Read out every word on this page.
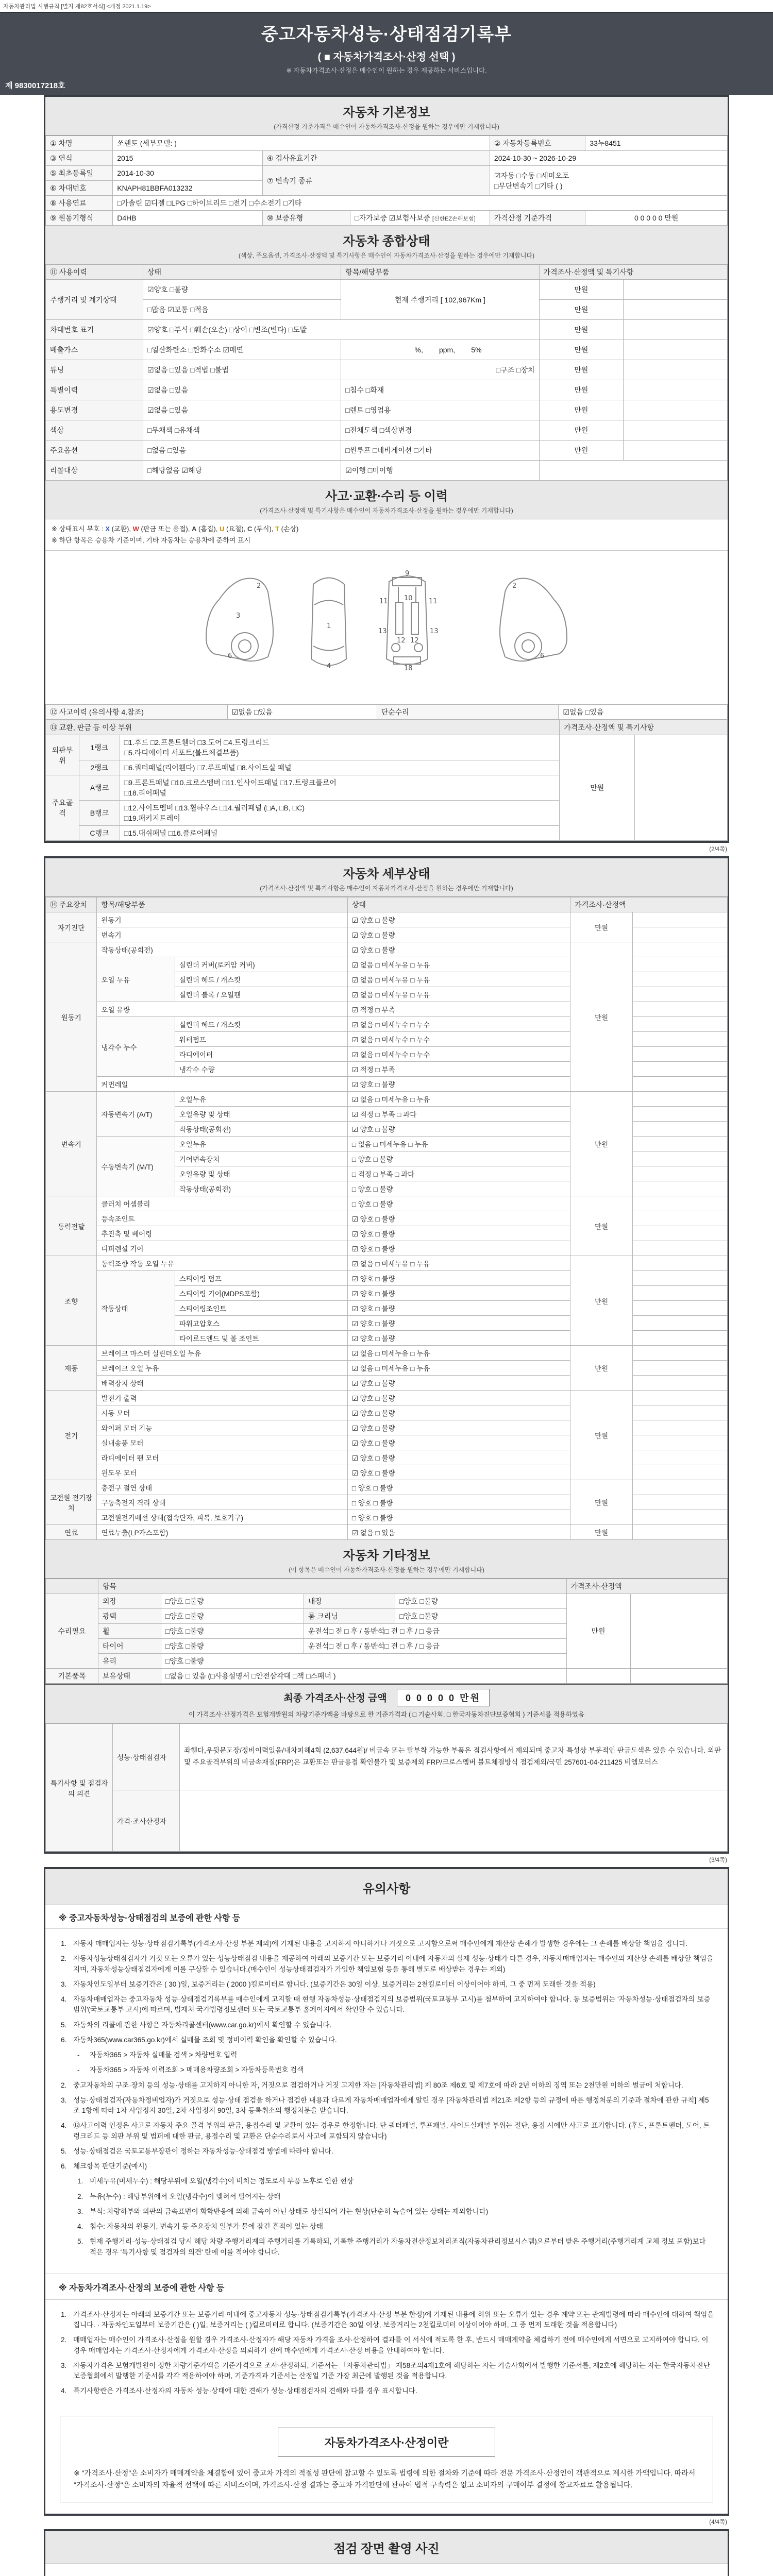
자동차관리법 시행규칙 [별지 제82호서식] <개정 2021.1.19>
중고자동차성능·상태점검기록부
( ■ 자동차가격조사·산정 선택 )
※ 자동차가격조사·산정은 매수인이 원하는 경우 제공하는 서비스입니다.
제 9830017218호
자동차 기본정보
(가격산정 기준가격은 매수인이 자동차가격조사·산정을 원하는 경우에만 기재합니다)
① 차명	쏘렌토 (세부모델: )			② 자동차등록번호	33누8451
③ 연식	2015	④ 검사유효기간		2024-10-30 ~ 2026-10-29	
⑤ 최초등록일	2014-10-30	⑦ 변속기 종류		☑자동 □수동 □세미오토
□무단변속기 □기타 ( )	

⑥ 차대번호	KNAPH81BBFA013232				
⑧ 사용연료	□가솔린 ☑디젤 □LPG □하이브리드 □전기 □수소전기 □기타				
⑨ 원동기형식	D4HB	⑩ 보증유형	□자가보증 ☑보험사보증 [신한EZ손해보험]	가격산정 기준가격	0 0 0 0 0 만원
자동차 종합상태
(색상, 주요옵션, 가격조사·산정액 및 특기사항은 매수인이 자동차가격조사·산정을 원하는 경우에만 기재합니다)
⑪ 사용이력	상태	항목/해당부품	가격조사·산정액 및 특기사항	
주행거리 및 계기상태	☑양호 □불량	현재 주행거리 [ 102,967Km ]	만원	
	□많음 ☑보통 □적음		만원	
차대번호 표기	☑양호 □부식 □훼손(오손) □상이 □변조(변타) □도말		만원	
배출가스	□일산화탄소 □탄화수소 ☑매연	%,        ppm,        5%	만원	
튜닝	☑없음 □있음 □적법 □불법	□구조 □장치	만원	
특별이력	☑없음 □있음	□침수 □화재	만원	
용도변경	☑없음 □있음	□렌트 □영업용	만원	
색상	□무채색 □유채색	□전체도색 □색상변경	만원	
주요옵션	□없음 □있음	□썬루프 □네비게이션 □기타	만원	
리콜대상	□해당없음 ☑해당	☑이행 □미이행		
사고·교환·수리 등 이력
(가격조사·산정액 및 특기사항은 매수인이 자동차가격조사·산정을 원하는 경우에만 기재합니다)
※ 상태표시 부호 : X (교환), W (판금 또는 용접), A (흠집), U (요철), C (부식), T (손상)
※ 하단 항목은 승용차 기준이며, 기타 자동차는 승용차에 준하여 표시
2
3
6
1
4
11	11
13	13
12 12
9
18
10
2
6
⑫ 사고이력 (유의사항 4.참조)	☑없음 □있음	단순수리	☑없음 □있음
⑬ 교환, 판금 등 이상 부위			가격조사·산정액 및 특기사항	
외판부위	1랭크	□1.후드 □2.프론트휀더 □3.도어 □4.트렁크리드
□5.라디에이터 서포트(볼트체결부품)	만원	
	2랭크	□6.쿼터패널(리어휀다) □7.루프패널 □8.사이드실 패널		
주요골격	A랭크	□9.프론트패널 □10.크로스멤버 □11.인사이드패널 □17.트렁크플로어
□18.리어패널		

	B랭크	□12.사이드멤버 □13.휠하우스 □14.필러패널 (□A, □B, □C)
□19.패키지트레이		

	C랭크	□15.대쉬패널 □16.플로어패널		
(2/4쪽)
자동차 세부상태
(가격조사·산정액 및 특기사항은 매수인이 자동차가격조사·산정을 원하는 경우에만 기재합니다)
⑭ 주요장치	항목/해당부품		상태	가격조사·산정액	
자기진단	원동기		☑ 양호 □ 불량	만원	
	변속기		☑ 양호 □ 불량		
원동기	작동상태(공회전)		☑ 양호 □ 불량	만원	
	오일 누유	실린더 커버(로커암 커버)	☑ 없음 □ 미세누유 □ 누유		
		실린더 헤드 / 개스킷	☑ 없음 □ 미세누유 □ 누유		
		실린더 블록 / 오일팬	☑ 없음 □ 미세누유 □ 누유		
	오일 유량		☑ 적정 □ 부족		
	냉각수 누수	실린더 헤드 / 개스킷	☑ 없음 □ 미세누수 □ 누수		
		워터펌프	☑ 없음 □ 미세누수 □ 누수		
		라디에이터	☑ 없음 □ 미세누수 □ 누수		
		냉각수 수량	☑ 적정 □ 부족		
	커먼레일		☑ 양호 □ 불량		
변속기	자동변속기 (A/T)	오일누유	☑ 없음 □ 미세누유 □ 누유	만원	
		오일유량 및 상태	☑ 적정 □ 부족 □ 과다		
		작동상태(공회전)	☑ 양호 □ 불량		
	수동변속기 (M/T)	오일누유	□ 없음 □ 미세누유 □ 누유		
		기어변속장치	□ 양호 □ 불량		
		오일유량 및 상태	□ 적정 □ 부족 □ 과다		
		작동상태(공회전)	□ 양호 □ 불량		
동력전달	클러치 어셈블리		□ 양호 □ 불량	만원	
	등속조인트		☑ 양호 □ 불량		
	추진축 및 베어링		☑ 양호 □ 불량		
	디퍼렌셜 기어		☑ 양호 □ 불량		
조향	동력조향 작동 오일 누유		☑ 없음 □ 미세누유 □ 누유	만원	
	작동상태	스티어링 펌프	☑ 양호 □ 불량		
		스티어링 기어(MDPS포함)	☑ 양호 □ 불량		
		스티어링조인트	☑ 양호 □ 불량		
		파워고압호스	☑ 양호 □ 불량		
		타이로드엔드 및 볼 조인트	☑ 양호 □ 불량		
제동	브레이크 마스터 실린더오일 누유		☑ 없음 □ 미세누유 □ 누유	만원	
	브레이크 오일 누유		☑ 없음 □ 미세누유 □ 누유		
	배력장치 상태		☑ 양호 □ 불량		
전기	발전기 출력		☑ 양호 □ 불량	만원	
	시동 모터		☑ 양호 □ 불량		
	와이퍼 모터 기능		☑ 양호 □ 불량		
	실내송풍 모터		☑ 양호 □ 불량		
	라디에이터 팬 모터		☑ 양호 □ 불량		
	윈도우 모터		☑ 양호 □ 불량		
고전원 전기장치	충전구 절연 상태		□ 양호 □ 불량	만원	
	구동축전지 격리 상태		□ 양호 □ 불량		
	고전원전기배선 상태(접속단자, 피복, 보호기구)		□ 양호 □ 불량		
연료	연료누출(LP가스포함)		☑ 없음 □ 있음	만원	
자동차 기타정보
(이 항목은 매수인이 자동차가격조사·산정을 원하는 경우에만 기재합니다)
	항목				가격조사·산정액	
수리필요	외장	□양호 □불량	내장	□양호 □불량	만원	
	광택	□양호 □불량	룸 크리닝	□양호 □불량		
	휠	□양호 □불량	운전석□ 전 □ 후 / 동반석□ 전 □ 후 / □ 응급			
	타이어	□양호 □불량	운전석□ 전 □ 후 / 동반석□ 전 □ 후 / □ 응급			
	유리	□양호 □불량				
기본품목	보유상태	□없음 □ 있음 (□사용설명서 □안전삼각대 □잭 □스패너 )				
최종 가격조사·산정 금액 0 0 0 0 0 만원
이 가격조사·산정가격은 보험개발원의 차량기준가액을 바탕으로 한 기준가격과 ( □ 기술사회, □ 한국자동차진단보증협회 ) 기준서를 적용하였음
특기사항 및 점검자의 의견	성능·상태점검자	좌휀다,우뒷문도장/정비이력있음/내차피해4회 (2,637,644원)/ 비금속 또는 탈부착 가능한 부품은 점검사항에서 제외되며 중고차 특성상 부분적인 판금도색은 있을 수 있습니다. 외판 및 주요골격부위의 비금속재질(FRP)은 교환또는 판금용접 확인불가 및 보증제외 FRP/크로스멤버 볼트체결방식 점검제외/국민 257601-04-211425 비엠모터스
	가격·조사산정자	
(3/4쪽)
유의사항
※ 중고자동차성능·상태점검의 보증에 관한 사항 등
1. 자동차 매매업자는 성능·상태점검기록부(가격조사·산정 부분 제외)에 기재된 내용을 고지하지 아니하거나 거짓으로 고지함으로써 매수인에게 재산상 손해가 발생한 경우에는 그 손해를 배상할 책임을 집니다.
2. 자동차성능상태점검자가 거짓 또는 오류가 있는 성능상태점검 내용을 제공하여 아래의 보증기간 또는 보증거리 이내에 자동차의 실제 성능·상태가 다른 경우, 자동차매매업자는 매수인의 재산상 손해를 배상할 책임을 지며, 자동차성능상태점검자에게 이를 구상할 수 있습니다.(매수인이 성능상태점검자가 가입한 책임보험 등을 통해 별도로 배상받는 경우는 제외)
3. 자동차인도일부터 보증기간은 ( 30 )일, 보증거리는 ( 2000 )킬로미터로 합니다. (보증기간은 30일 이상, 보증거리는 2천킬로미터 이상이어야 하며, 그 중 먼저 도래한 것을 적용)
4. 자동차매매업자는 중고자동차 성능·상태점검기록부를 매수인에게 고지할 때 현행 자동차성능·상태점검지의 보증범위(국토교통부 고시)를 첨부하여 고지하여야 합니다. 동 보증범위는 '자동차성능·상태점검자의 보증범위'(국토교통부 고시)에 따르며, 법제처 국가법령정보센터 또는 국토교통부 홈페이지에서 확인할 수 있습니다.
5. 자동차의 리콜에 관한 사항은 자동차리콜센터(www.car.go.kr)에서 확인할 수 있습니다.
6. 자동차365(www.car365.go.kr)에서 실매물 조회 및 정비이력 확인을 확인할 수 있습니다.
-	자동차365 > 자동차 실매물 검색 > 차량번호 입력
-	자동차365 > 자동차 이력조회 > 매매용차량조회 > 자동차등록번호 검색
2. 중고자동차의 구조·장치 등의 성능·상태를 고지하지 아니한 자, 거짓으로 점검하거나 거짓 고지한 자는 [자동차관리법] 제 80조 제6호 및 제7호에 따라 2년 이하의 징역 또는 2천만원 이하의 벌금에 처합니다.
3. 성능·상태점검자(자동차정비업자)가 거짓으로 성능·상태 점검을 하거나 점검한 내용과 다르게 자동차매매업자에게 알린 경우 [자동차관리법 제21조 제2항 등의 규정에 따른 행정처분의 기준과 절차에 관한 규칙] 제5조 1항에 따라 1차 사업정지 30일, 2차 사업정지 90일, 3차 등록취소의 행정처분을 받습니다.
4. ⑫사고이력 인정은 사고로 자동차 주요 골격 부위의 판금, 용접수리 및 교환이 있는 경우로 한정합니다. 단 쿼터패널, 루프패널, 사이드실패널 부위는 절단, 용접 시에만 사고로 표기합니다. (후드, 프론트펜더, 도어, 트렁크리드 등 외판 부위 및 범퍼에 대한 판금, 용접수리 및 교환은 단순수리로서 사고에 포함되지 않습니다)
5. 성능·상태점검은 국토교통부장관이 정하는 자동차성능·상태점검 방법에 따라야 합니다.
6. 체크항목 판단기준(예시)
1. 미세누유(미세누수) : 해당부위에 오일(냉각수)이 비치는 정도로서 부품 노후로 인한 현상
2. 누유(누수) : 해당부위에서 오일(냉각수)이 맺혀서 떨어지는 상태
3. 부식: 차량하부와 외판의 금속표면이 화학반응에 의해 금속이 아닌 상태로 상실되어 가는 현상(단순히 녹슬어 있는 상태는 제외합니다)
4. 침수: 자동차의 원동기, 변속기 등 주요장치 일부가 물에 잠긴 흔적이 있는 상태
5. 현재 주행거리·성능·상태점검 당시 해당 차량 주행거리계의 주행거리를 기록하되, 기록한 주행거리가 자동차전산정보처리조직(자동차관리정보시스템)으로부터 받은 주행거리(주행거리계 교체 정보 포함)보다 적은 경우 '특기사항 및 점검자의 의견' 란에 이를 적어야 합니다.
※ 자동차가격조사·산정의 보증에 관한 사항 등
1. 가격조사·산정자는 아래의 보증기간 또는 보증거리 이내에 중고자동차 성능·상태점검기록부(가격조사·산정 부분 한정)에 기재된 내용에 허위 또는 오류가 있는 경우 계약 또는 관계법령에 따라 매수인에 대하여 책임을 집니다. · 자동차인도일부터 보증기간은 ( )일, 보증거리는 ( )킬로미터로 합니다. (보증기간은 30일 이상, 보증거리는 2천킬로미터 이상이어야 하며, 그 중 먼저 도래한 것을 적용합니다)
2. 매매업자는 매수인이 가격조사·산정을 원할 경우 가격조사·산정자가 해당 자동차 가격을 조사·산정하여 결과를 이 서식에 적도록 한 후, 반드시 매매계약을 체결하기 전에 매수인에게 서면으로 고지하여야 합니다. 이 경우 매매업자는 가격조사·산정자에게 가격조사·산정을 의뢰하기 전에 매수인에게 가격조사·산정 비용을 안내하여야 합니다.
3. 자동차가격은 보험개발원이 정한 차량기준가액을 기준가격으로 조사·산정하되, 기준서는 「자동차관리법」 제58조의4제1호에 해당하는 자는 기술사회에서 발행한 기준서를, 제2호에 해당하는 자는 한국자동차진단보증협회에서 발행한 기준서를 각각 적용하여야 하며, 기준가격과 기준서는 산정일 기준 가장 최근에 발행된 것을 적용합니다.
4. 특기사항란은 가격조사·산정자의 자동차 성능·상태에 대한 견해가 성능·상태점검자의 견해와 다를 경우 표시합니다.
자동차가격조사·산정이란
※ "가격조사·산정"은 소비자가 매매계약을 체결함에 있어 중고차 가격의 적절성 판단에 참고할 수 있도록 법령에 의한 절차와 기준에 따라 전문 가격조사·산정인이 객관적으로 제시한 가액입니다. 따라서 "가격조사·산정"은 소비자의 자율적 선택에 따른 서비스이며, 가격조사·산정 결과는 중고차 가격판단에 관하여 법적 구속력은 없고 소비자의 구매여부 결정에 참고자료로 활용됩니다.
(4/4쪽)
점검 장면 촬영 사진
